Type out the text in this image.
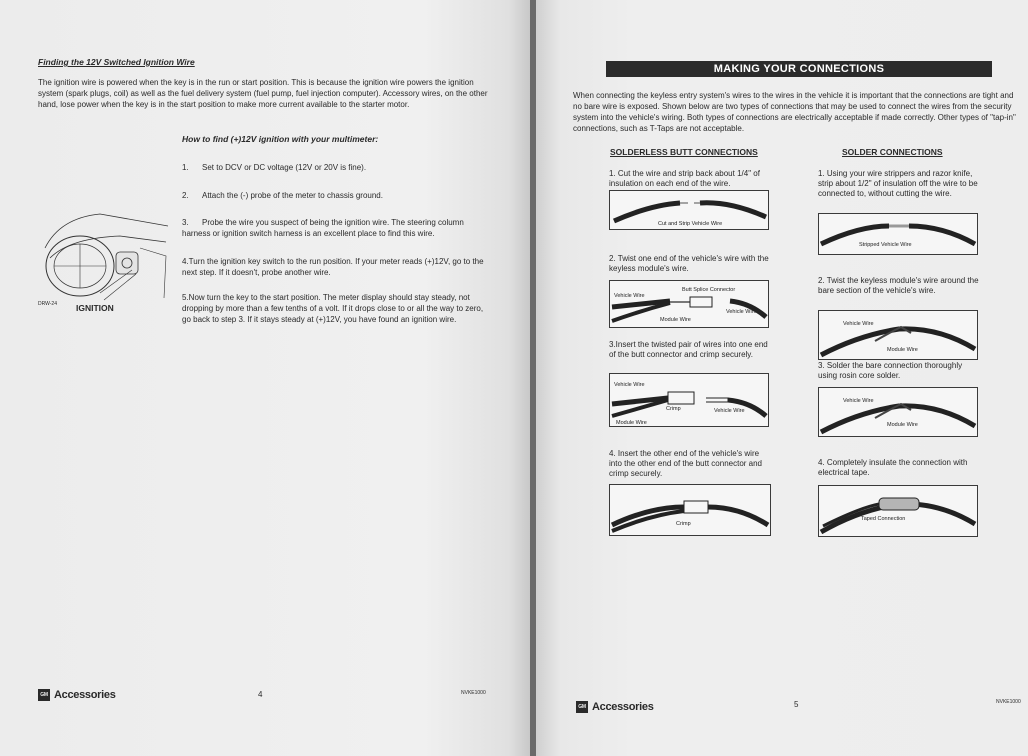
Finding the 12V Switched Ignition Wire

The ignition wire is powered when the key is in the run or start position. This is because the ignition wire powers the ignition system (spark plugs, coil) as well as the fuel delivery system (fuel pump, fuel injection computer). Accessory wires, on the other hand, lose power when the key is in the start position to make more current available to the starter motor.

How to find (+)12V ignition with your multimeter:
1. Set to DCV or DC voltage (12V or 20V is fine).
2. Attach the (-) probe of the meter to chassis ground.
3. Probe the wire you suspect of being the ignition wire. The steering column harness or ignition switch harness is an excellent place to find this wire.
4.Turn the ignition key switch to the run position. If your meter reads (+)12V, go to the next step. If it doesn't, probe another wire.
5.Now turn the key to the start position. The meter display should stay steady, not dropping by more than a few tenths of a volt. If it drops close to or all the way to zero, go back to step 3. If it stays steady at (+)12V, you have found an ignition wire.
DRW-24 IGNITION
GM Accessories	4	NVKE1000
MAKING YOUR CONNECTIONS

When connecting the keyless entry system's wires to the wires in the vehicle it is important that the connections are tight and no bare wire is exposed. Shown below are two types of connections that may be used to connect the wires from the security system into the vehicle's wiring. Both types of connections are electrically acceptable if made correctly. Other types of "tap-in" connections, such as T-Taps are not acceptable.

SOLDERLESS BUTT CONNECTIONS	SOLDER CONNECTIONS
1. Cut the wire and strip back about 1/4" of insulation on each end of the wire.
Cut and Strip Vehicle Wire
2. Twist one end of the vehicle's wire with the keyless module's wire.
Vehicle Wire
Butt Splice Connector
Vehicle Wire
Module Wire
3.Insert the twisted pair of wires into one end of the butt connector and crimp securely.
Vehicle Wire
Crimp
Module Wire
Vehicle Wire
4. Insert the other end of the vehicle's wire into the other end of the butt connector and crimp securely.
Crimp
1. Using your wire strippers and razor knife, strip about 1/2" of insulation off the wire to be connected to, without cutting the wire.
Stripped Vehicle Wire
2. Twist the keyless module's wire around the bare section of the vehicle's wire.
Vehicle Wire
Module Wire
3. Solder the bare connection thoroughly using rosin core solder.
Vehicle Wire
Module Wire
4. Completely insulate the connection with electrical tape.
Taped Connection
GM Accessories	5	NVKE1000
